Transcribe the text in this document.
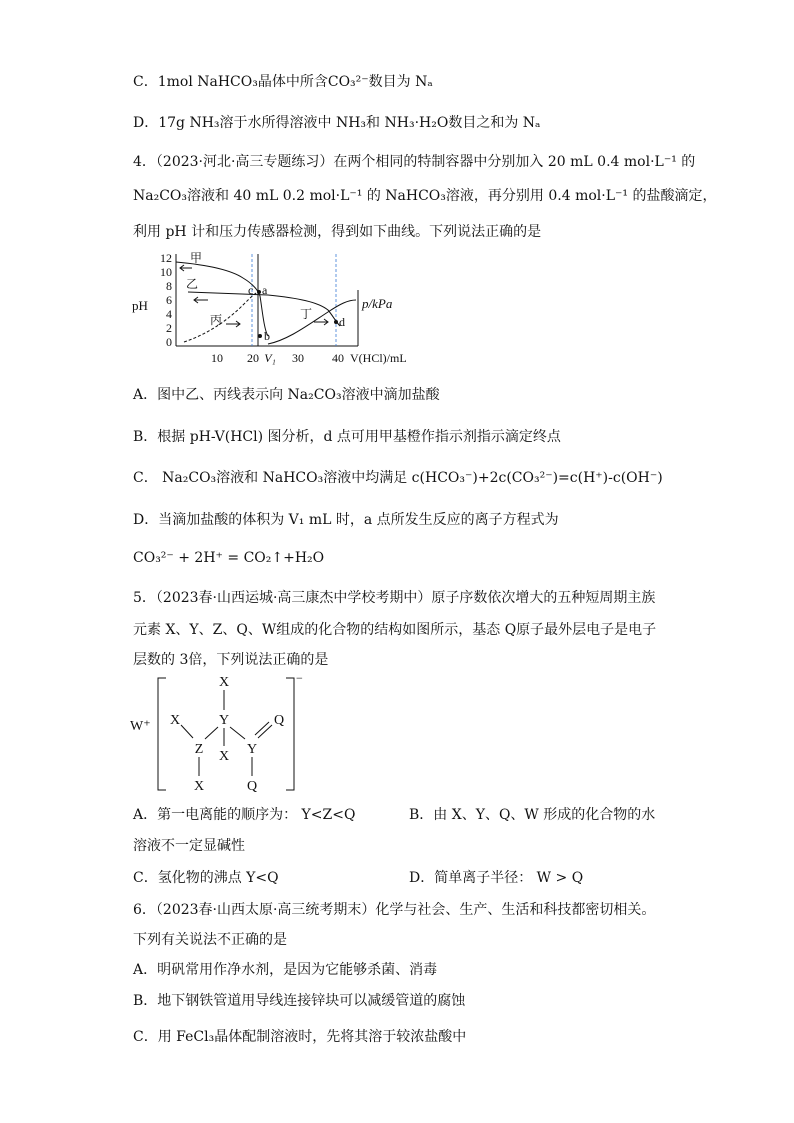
C．1mol NaHCO₃晶体中所含CO₃²⁻数目为 Nₐ
D．17g NH₃溶于水所得溶液中 NH₃和 NH₃·H₂O数目之和为 Nₐ
4．（2023·河北·高三专题练习）在两个相同的特制容器中分别加入 20 mL 0.4 mol·L⁻¹ 的
Na₂CO₃溶液和 40 mL 0.2 mol·L⁻¹ 的 NaHCO₃溶液，再分别用 0.4 mol·L⁻¹ 的盐酸滴定，
利用 pH 计和压力传感器检测，得到如下曲线。下列说法正确的是
12
10
8
6
4
2
0
pH
10 20 V₁ 30 40 V(HCl)/mL
p/kPa
甲
乙
丙	丁
a
b
c
d
A．图中乙、丙线表示向 Na₂CO₃溶液中滴加盐酸
B．根据 pH-V(HCl) 图分析，d 点可用甲基橙作指示剂指示滴定终点
C． Na₂CO₃溶液和 NaHCO₃溶液中均满足 c(HCO₃⁻)+2c(CO₃²⁻)=c(H⁺)-c(OH⁻)
D．当滴加盐酸的体积为 V₁ mL 时，a 点所发生反应的离子方程式为
CO₃²⁻ + 2H⁺ = CO₂↑+H₂O
5．（2023春·山西运城·高三康杰中学校考期中）原子序数依次增大的五种短周期主族
元素 X、Y、Z、Q、W组成的化合物的结构如图所示，基态 Q原子最外层电子是电子
层数的 3倍，下列说法正确的是
−
W⁺
X
X	Y	Q
Z X Y
X	Q
A．第一电离能的顺序为： Y<Z<Q	B．由 X、Y、Q、W 形成的化合物的水
溶液不一定显碱性
C．氢化物的沸点 Y<Q	D．简单离子半径： W > Q
6．（2023春·山西太原·高三统考期末）化学与社会、生产、生活和科技都密切相关。
下列有关说法不正确的是
A．明矾常用作净水剂，是因为它能够杀菌、消毒
B．地下钢铁管道用导线连接锌块可以减缓管道的腐蚀
C．用 FeCl₃晶体配制溶液时，先将其溶于较浓盐酸中
